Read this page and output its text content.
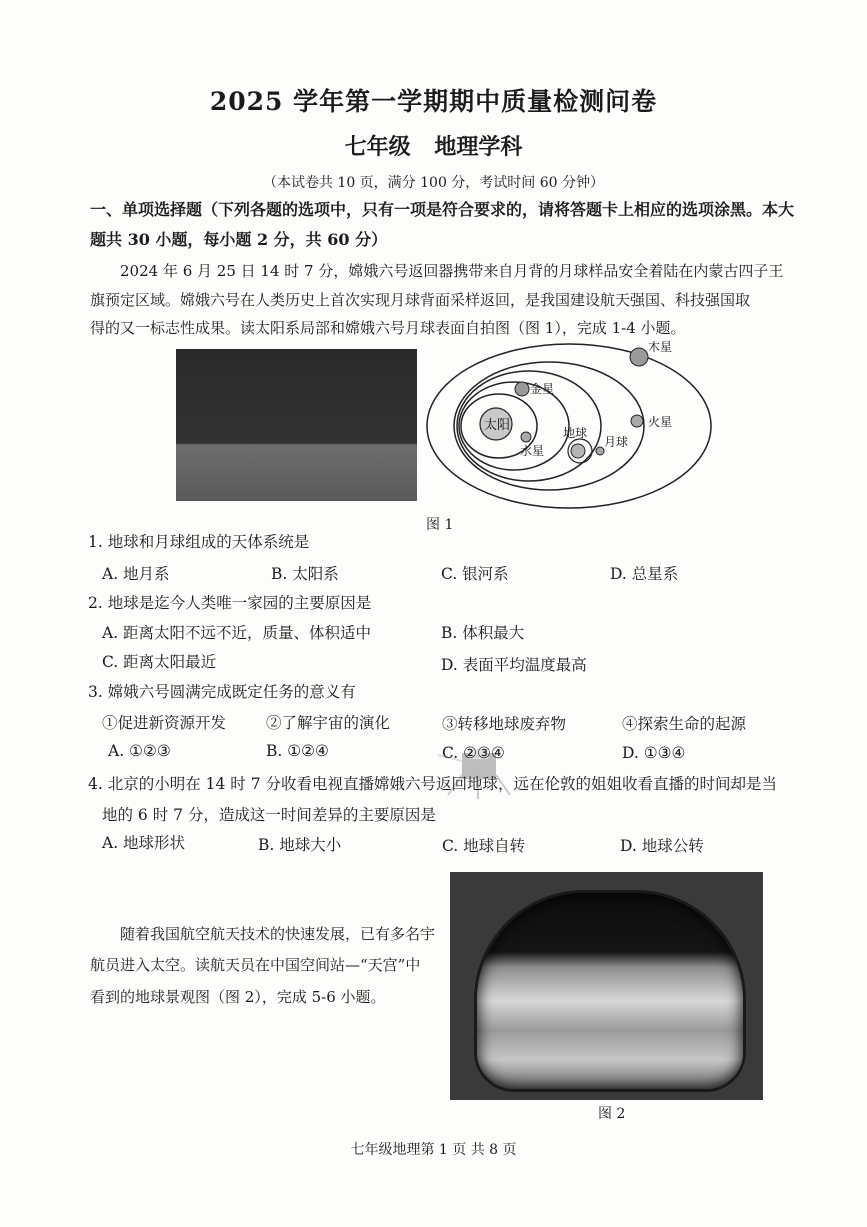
2025 学年第一学期期中质量检测问卷
七年级 地理学科
（本试卷共 10 页，满分 100 分，考试时间 60 分钟）
一、单项选择题（下列各题的选项中，只有一项是符合要求的，请将答题卡上相应的选项涂黑。本大
题共 30 小题，每小题 2 分，共 60 分）
2024 年 6 月 25 日 14 时 7 分，嫦娥六号返回器携带来自月背的月球样品安全着陆在内蒙古四子王
旗预定区域。嫦娥六号在人类历史上首次实现月球背面采样返回，是我国建设航天强国、科技强国取
得的又一标志性成果。读太阳系局部和嫦娥六号月球表面自拍图（图 1），完成 1-4 小题。
木星
金星
太阳
水星
地球
月球
火星
图 1
1. 地球和月球组成的天体系统是
A. 地月系	B. 太阳系	C. 银河系	D. 总星系
2. 地球是迄今人类唯一家园的主要原因是
A. 距离太阳不远不近，质量、体积适中	B. 体积最大
C. 距离太阳最近	D. 表面平均温度最高
3. 嫦娥六号圆满完成既定任务的意义有
①促进新资源开发	②了解宇宙的演化	③转移地球废弃物	④探索生命的起源
A. ①②③	B. ①②④	C. ②③④	D. ①③④
4. 北京的小明在 14 时 7 分收看电视直播嫦娥六号返回地球，远在伦敦的姐姐收看直播的时间却是当
地的 6 时 7 分，造成这一时间差异的主要原因是
A. 地球形状	B. 地球大小	C. 地球自转	D. 地球公转
随着我国航空航天技术的快速发展，已有多名宇
航员进入太空。读航天员在中国空间站—“天宫”中
看到的地球景观图（图 2），完成 5-6 小题。
图 2
七年级地理第 1 页 共 8 页
